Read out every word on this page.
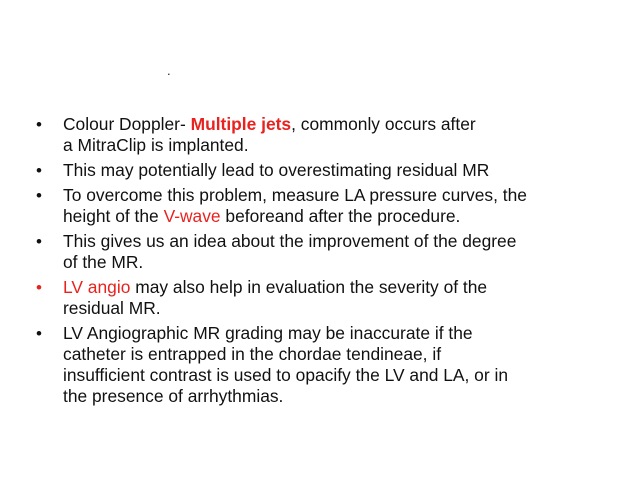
.
•	Colour Doppler- Multiple jets, commonly occurs after
a MitraClip is implanted.
•	This may potentially lead to overestimating residual MR
•	To overcome this problem, measure LA pressure curves, the
height of the V-wave beforeand after the procedure.
•	This gives us an idea about the improvement of the degree
of the MR.
•	LV angio may also help in evaluation the severity of the
residual MR.
•	LV Angiographic MR grading may be inaccurate if the
catheter is entrapped in the chordae tendineae, if
insufficient contrast is used to opacify the LV and LA, or in
the presence of arrhythmias.
